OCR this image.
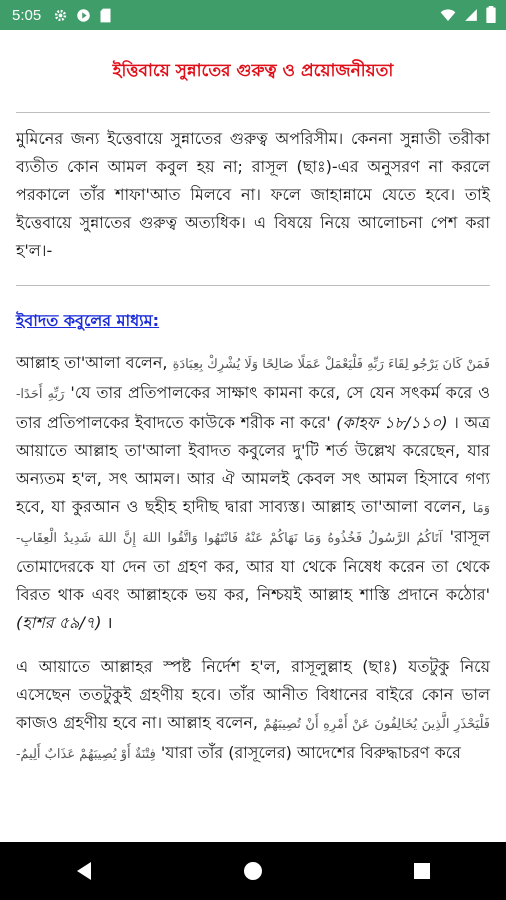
5:05
ইত্তিবায়ে সুন্নাতের গুরুত্ব ও প্রয়োজনীয়তা

মুমিনের জন্য ইত্তেবায়ে সুন্নাতের গুরুত্ব অপরিসীম। কেননা সুন্নাতী তরীকা ব্যতীত কোন আমল কবুল হয় না; রাসূল (ছাঃ)-এর অনুসরণ না করলে পরকালে তাঁর শাফা'আত মিলবে না। ফলে জাহান্নামে যেতে হবে। তাই ইত্তেবায়ে সুন্নাতের গুরুত্ব অত্যধিক। এ বিষয়ে নিয়ে আলোচনা পেশ করা হ'ল।-

ইবাদত কবুলের মাধ্যম:

আল্লাহ তা'আলা বলেন, فَمَنْ كَانَ يَرْجُو لِقَاءَ رَبِّهِ فَلْيَعْمَلْ عَمَلًا صَالِحًا وَلَا يُشْرِكْ بِعِبَادَةِ رَبِّهِ أَحَدًا- 'যে তার প্রতিপালকের সাক্ষাৎ কামনা করে, সে যেন সৎকর্ম করে ও তার প্রতিপালকের ইবাদতে কাউকে শরীক না করে' (কাহফ ১৮/১১০) । অত্র আয়াতে আল্লাহ তা'আলা ইবাদত কবুলের দু'টি শর্ত উল্লেখ করেছেন, যার অন্যতম হ'ল, সৎ আমল। আর ঐ আমলই কেবল সৎ আমল হিসাবে গণ্য হবে, যা কুরআন ও ছহীহ হাদীছ দ্বারা সাব্যস্ত। আল্লাহ তা'আলা বলেন, وَمَا آتَاكُمُ الرَّسُولُ فَخُذُوهُ وَمَا نَهَاكُمْ عَنْهُ فَانْتَهُوا وَاتَّقُوا اللهَ إِنَّ اللهَ شَدِيدُ الْعِقَابِ- 'রাসূল তোমাদেরকে যা দেন তা গ্রহণ কর, আর যা থেকে নিষেধ করেন তা থেকে বিরত থাক এবং আল্লাহকে ভয় কর, নিশ্চয়ই আল্লাহ শাস্তি প্রদানে কঠোর' (হাশর ৫৯/৭) ।

এ আয়াতে আল্লাহর স্পষ্ট নির্দেশ হ'ল, রাসূলুল্লাহ (ছাঃ) যতটুকু নিয়ে এসেছেন ততটুকুই গ্রহণীয় হবে। তাঁর আনীত বিধানের বাইরে কোন ভাল কাজও গ্রহণীয় হবে না। আল্লাহ বলেন, فَلْيَحْذَرِ الَّذِينَ يُخَالِفُونَ عَنْ أَمْرِهِ أَنْ تُصِيبَهُمْ فِتْنَةٌ أَوْ يُصِيبَهُمْ عَذَابٌ أَلِيمٌ- 'যারা তাঁর (রাসূলের) আদেশের বিরুদ্ধাচরণ করে
